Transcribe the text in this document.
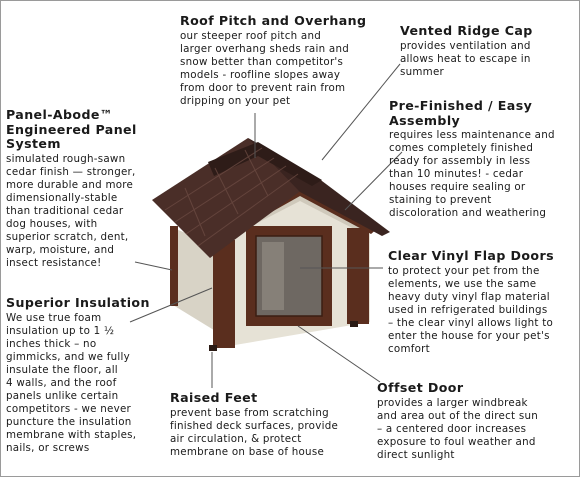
Roof Pitch and Overhang

our steeper roof pitch and
larger overhang sheds rain and
snow better than competitor's
models - roofline slopes away
from door to prevent rain from
dripping on your pet

Vented Ridge Cap

provides ventilation and
allows heat to escape in
summer

Panel-Abode™
Engineered Panel
System

simulated rough-sawn
cedar finish — stronger,
more durable and more
dimensionally-stable
than traditional cedar
dog houses, with
superior scratch, dent,
warp, moisture, and
insect resistance!

Pre-Finished / Easy
Assembly

requires less maintenance and
comes completely finished
ready for assembly in less
than 10 minutes! - cedar
houses require sealing or
staining to prevent
discoloration and weathering

Clear Vinyl Flap Doors

to protect your pet from the
elements, we use the same
heavy duty vinyl flap material
used in refrigerated buildings
– the clear vinyl allows light to
enter the house for your pet's
comfort

Superior Insulation

We use true foam
insulation up to 1 ½
inches thick – no
gimmicks, and we fully
insulate the floor, all
4 walls, and the roof
panels unlike certain
competitors - we never
puncture the insulation
membrane with staples,
nails, or screws

Raised Feet

prevent base from scratching
finished deck surfaces, provide
air circulation, & protect
membrane on base of house

Offset Door

provides a larger windbreak
and area out of the direct sun
– a centered door increases
exposure to foul weather and
direct sunlight
